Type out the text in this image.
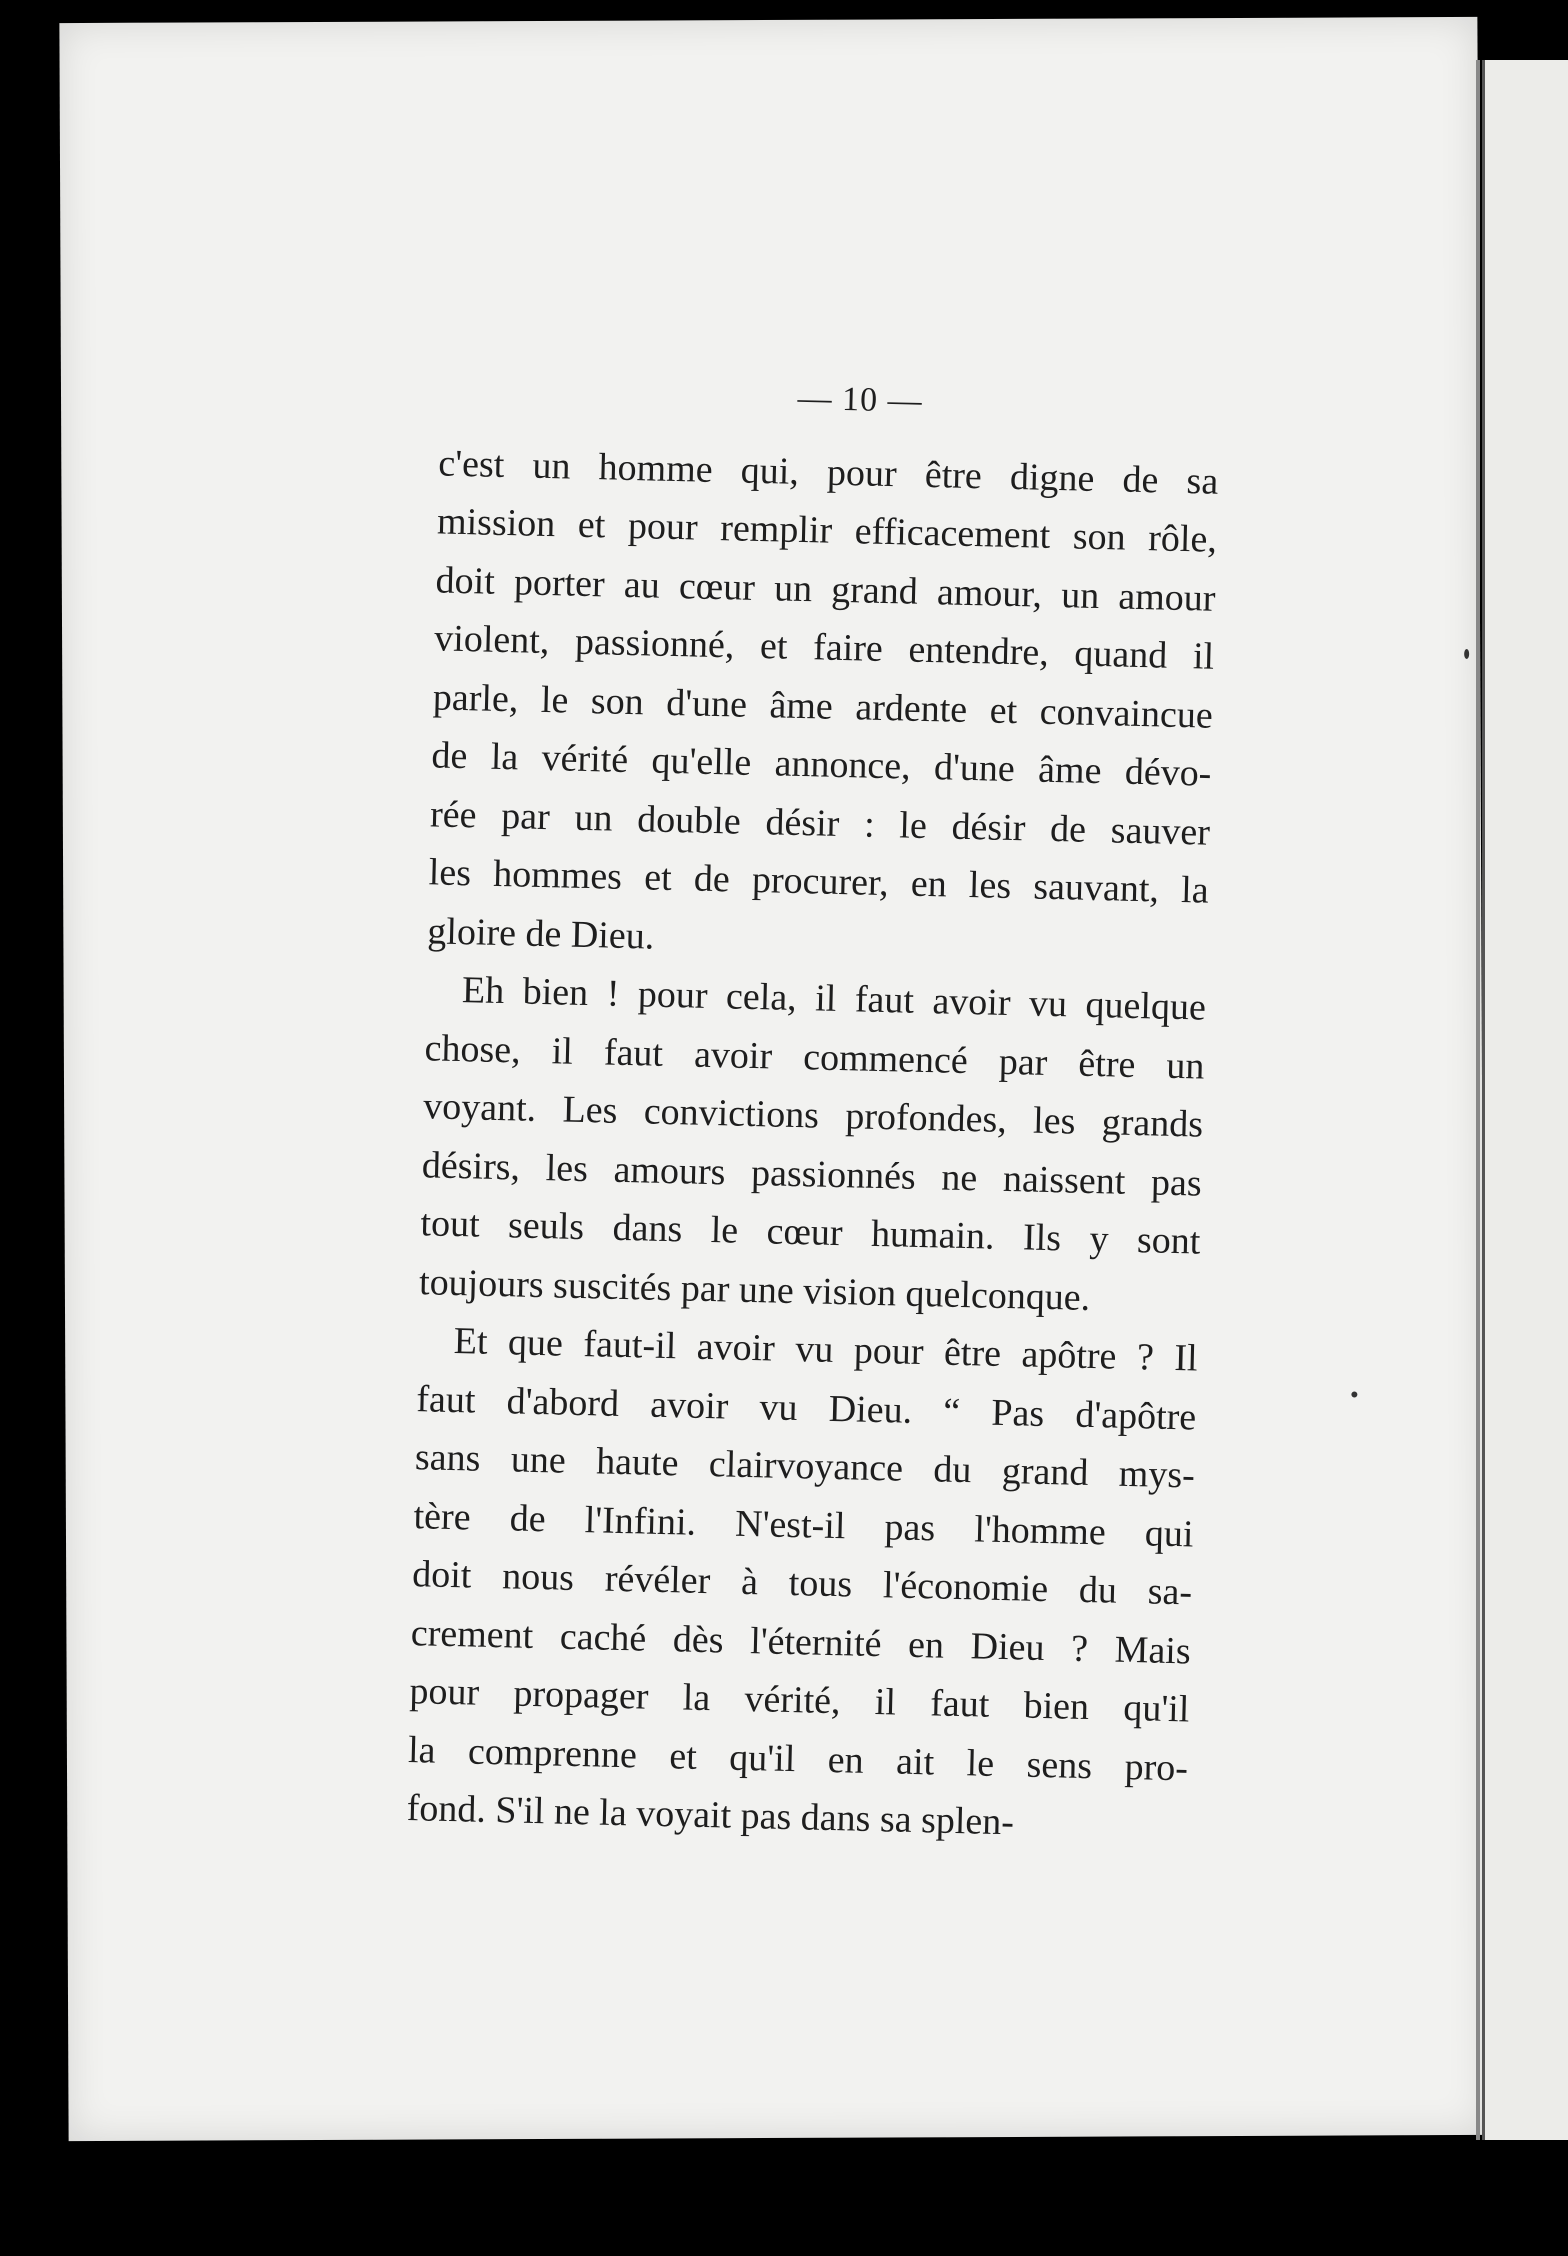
— 10 —

c'est un homme qui, pour être digne de sa
mission et pour remplir efficacement son rôle,
doit porter au cœur un grand amour, un amour
violent, passionné, et faire entendre, quand il
parle, le son d'une âme ardente et convaincue
de la vérité qu'elle annonce, d'une âme dévo-
rée par un double désir : le désir de sauver
les hommes et de procurer, en les sauvant, la
gloire de Dieu.

Eh bien ! pour cela, il faut avoir vu quelque
chose, il faut avoir commencé par être un
voyant. Les convictions profondes, les grands
désirs, les amours passionnés ne naissent pas
tout seuls dans le cœur humain. Ils y sont
toujours suscités par une vision quelconque.

Et que faut-il avoir vu pour être apôtre ? Il
faut d'abord avoir vu Dieu. “ Pas d'apôtre
sans une haute clairvoyance du grand mys-
tère de l'Infini. N'est-il pas l'homme qui
doit nous révéler à tous l'économie du sa-
crement caché dès l'éternité en Dieu ? Mais
pour propager la vérité, il faut bien qu'il
la comprenne et qu'il en ait le sens pro-
fond. S'il ne la voyait pas dans sa splen-
